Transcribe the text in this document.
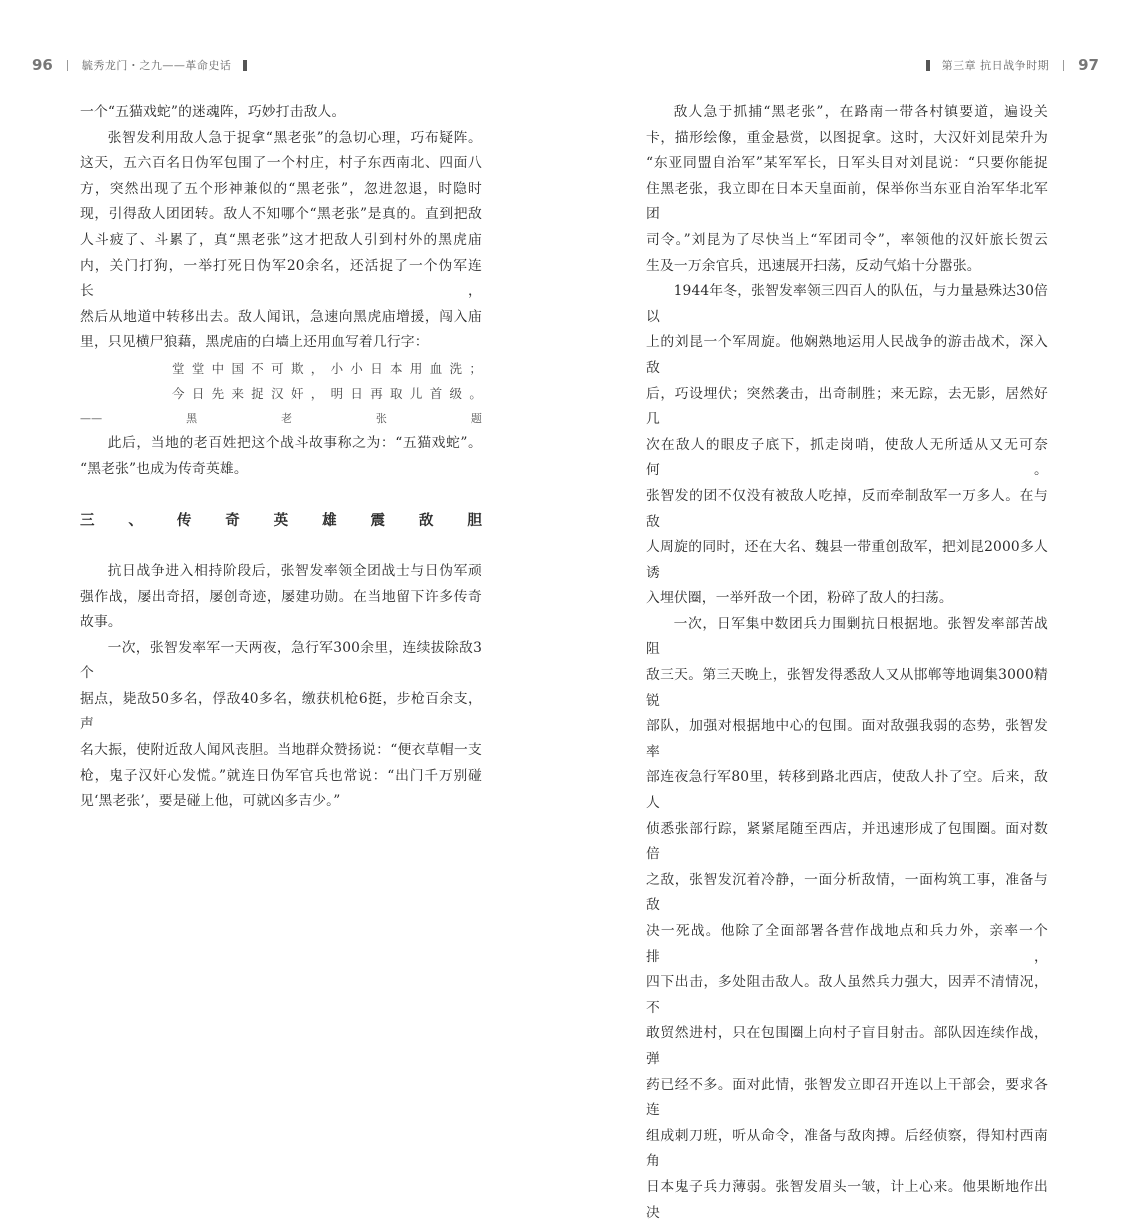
96	毓秀龙门・之九——革命史话

一个“五猫戏蛇”的迷魂阵，巧妙打击敌人。

张智发利用敌人急于捉拿“黑老张”的急切心理，巧布疑阵。

这天，五六百名日伪军包围了一个村庄，村子东西南北、四面八

方，突然出现了五个形神兼似的“黑老张”，忽进忽退，时隐时

现，引得敌人团团转。敌人不知哪个“黑老张”是真的。直到把敌

人斗疲了、斗累了，真“黑老张”这才把敌人引到村外的黑虎庙

内，关门打狗，一举打死日伪军20余名，还活捉了一个伪军连长，

然后从地道中转移出去。敌人闻讯，急速向黑虎庙增援，闯入庙

里，只见横尸狼藉，黑虎庙的白墙上还用血写着几行字：

堂堂中国不可欺，小小日本用血洗；

今日先来捉汉奸，明日再取儿首级。

——黑老张题

此后，当地的老百姓把这个战斗故事称之为：“五猫戏蛇”。

“黑老张”也成为传奇英雄。

三、传奇英雄震敌胆

抗日战争进入相持阶段后，张智发率领全团战士与日伪军顽

强作战，屡出奇招，屡创奇迹，屡建功勋。在当地留下许多传奇

故事。

一次，张智发率军一天两夜，急行军300余里，连续拔除敌3个

据点，毙敌50多名，俘敌40多名，缴获机枪6挺，步枪百余支，声

名大振，使附近敌人闻风丧胆。当地群众赞扬说：“便衣草帽一支

枪，鬼子汉奸心发慌。”就连日伪军官兵也常说：“出门千万别碰

见‘黑老张’，要是碰上他，可就凶多吉少。”

第三章 抗日战争时期 97

敌人急于抓捕“黑老张”，在路南一带各村镇要道，遍设关

卡，描形绘像，重金悬赏，以图捉拿。这时，大汉奸刘昆荣升为

“东亚同盟自治军”某军军长，日军头目对刘昆说：“只要你能捉

住黑老张，我立即在日本天皇面前，保举你当东亚自治军华北军团

司令。”刘昆为了尽快当上“军团司令”，率领他的汉奸旅长贺云

生及一万余官兵，迅速展开扫荡，反动气焰十分嚣张。

1944年冬，张智发率领三四百人的队伍，与力量悬殊达30倍以

上的刘昆一个军周旋。他娴熟地运用人民战争的游击战术，深入敌

后，巧设埋伏；突然袭击，出奇制胜；来无踪，去无影，居然好几

次在敌人的眼皮子底下，抓走岗哨，使敌人无所适从又无可奈何。

张智发的团不仅没有被敌人吃掉，反而牵制敌军一万多人。在与敌

人周旋的同时，还在大名、魏县一带重创敌军，把刘昆2000多人诱

入埋伏圈，一举歼敌一个团，粉碎了敌人的扫荡。

一次，日军集中数团兵力围剿抗日根据地。张智发率部苦战阻

敌三天。第三天晚上，张智发得悉敌人又从邯郸等地调集3000精锐

部队，加强对根据地中心的包围。面对敌强我弱的态势，张智发率

部连夜急行军80里，转移到路北西店，使敌人扑了空。后来，敌人

侦悉张部行踪，紧紧尾随至西店，并迅速形成了包围圈。面对数倍

之敌，张智发沉着冷静，一面分析敌情，一面构筑工事，准备与敌

决一死战。他除了全面部署各营作战地点和兵力外，亲率一个排，

四下出击，多处阻击敌人。敌人虽然兵力强大，因弄不清情况，不

敢贸然进村，只在包围圈上向村子盲目射击。部队因连续作战，弹

药已经不多。面对此情，张智发立即召开连以上干部会，要求各连

组成刺刀班，听从命令，准备与敌肉搏。后经侦察，得知村西南角

日本鬼子兵力薄弱。张智发眉头一皱，计上心来。他果断地作出决
